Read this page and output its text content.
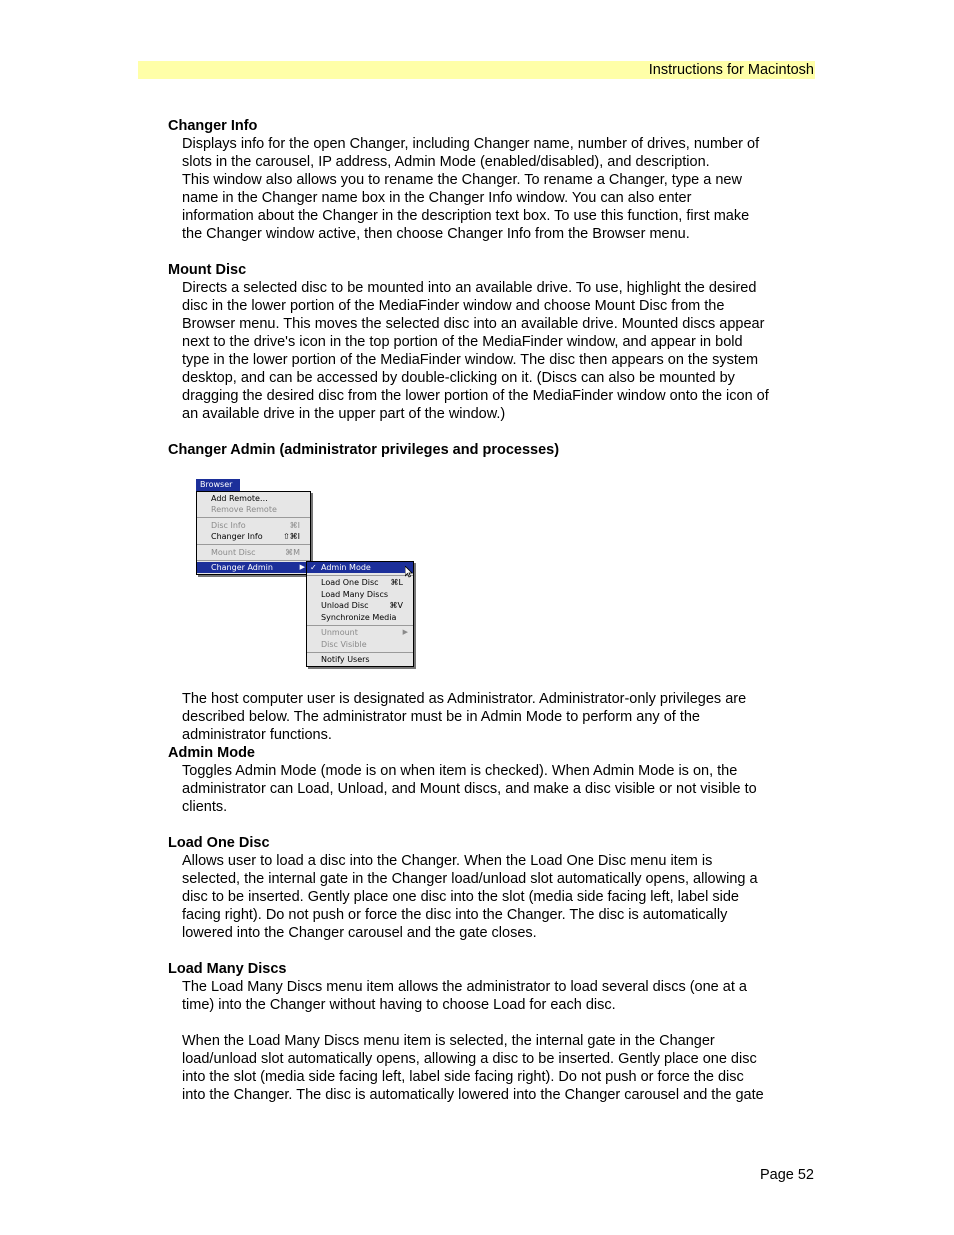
Instructions for Macintosh

Changer Info

Displays info for the open Changer, including Changer name, number of drives, number of
slots in the carousel, IP address, Admin Mode (enabled/disabled), and description.
This window also allows you to rename the Changer. To rename a Changer, type a new
name in the Changer name box in the Changer Info window. You can also enter
information about the Changer in the description text box. To use this function, first make
the Changer window active, then choose Changer Info from the Browser menu.

Mount Disc

Directs a selected disc to be mounted into an available drive. To use, highlight the desired
disc in the lower portion of the MediaFinder window and choose Mount Disc from the
Browser menu. This moves the selected disc into an available drive. Mounted discs appear
next to the drive's icon in the top portion of the MediaFinder window, and appear in bold
type in the lower portion of the MediaFinder window. The disc then appears on the system
desktop, and can be accessed by double-clicking on it. (Discs can also be mounted by
dragging the desired disc from the lower portion of the MediaFinder window onto the icon of
an available drive in the upper part of the window.)

Changer Admin (administrator privileges and processes)

Browser
Add Remote…
Remove Remote
Disc Info	⌘I
Changer Info	⇧⌘I
Mount Disc	⌘M
Changer Admin	▶ ✓ Admin Mode
Load One Disc ⌘L
Load Many Discs
Unload Disc	⌘V
Synchronize Media
Unmount	▶
Disc Visible
Notify Users
The host computer user is designated as Administrator. Administrator-only privileges are
described below. The administrator must be in Admin Mode to perform any of the
administrator functions.

Admin Mode

Toggles Admin Mode (mode is on when item is checked). When Admin Mode is on, the
administrator can Load, Unload, and Mount discs, and make a disc visible or not visible to
clients.

Load One Disc

Allows user to load a disc into the Changer. When the Load One Disc menu item is
selected, the internal gate in the Changer load/unload slot automatically opens, allowing a
disc to be inserted. Gently place one disc into the slot (media side facing left, label side
facing right). Do not push or force the disc into the Changer. The disc is automatically
lowered into the Changer carousel and the gate closes.

Load Many Discs

The Load Many Discs menu item allows the administrator to load several discs (one at a
time) into the Changer without having to choose Load for each disc.
When the Load Many Discs menu item is selected, the internal gate in the Changer
load/unload slot automatically opens, allowing a disc to be inserted. Gently place one disc
into the slot (media side facing left, label side facing right). Do not push or force the disc
into the Changer. The disc is automatically lowered into the Changer carousel and the gate
Page 52
